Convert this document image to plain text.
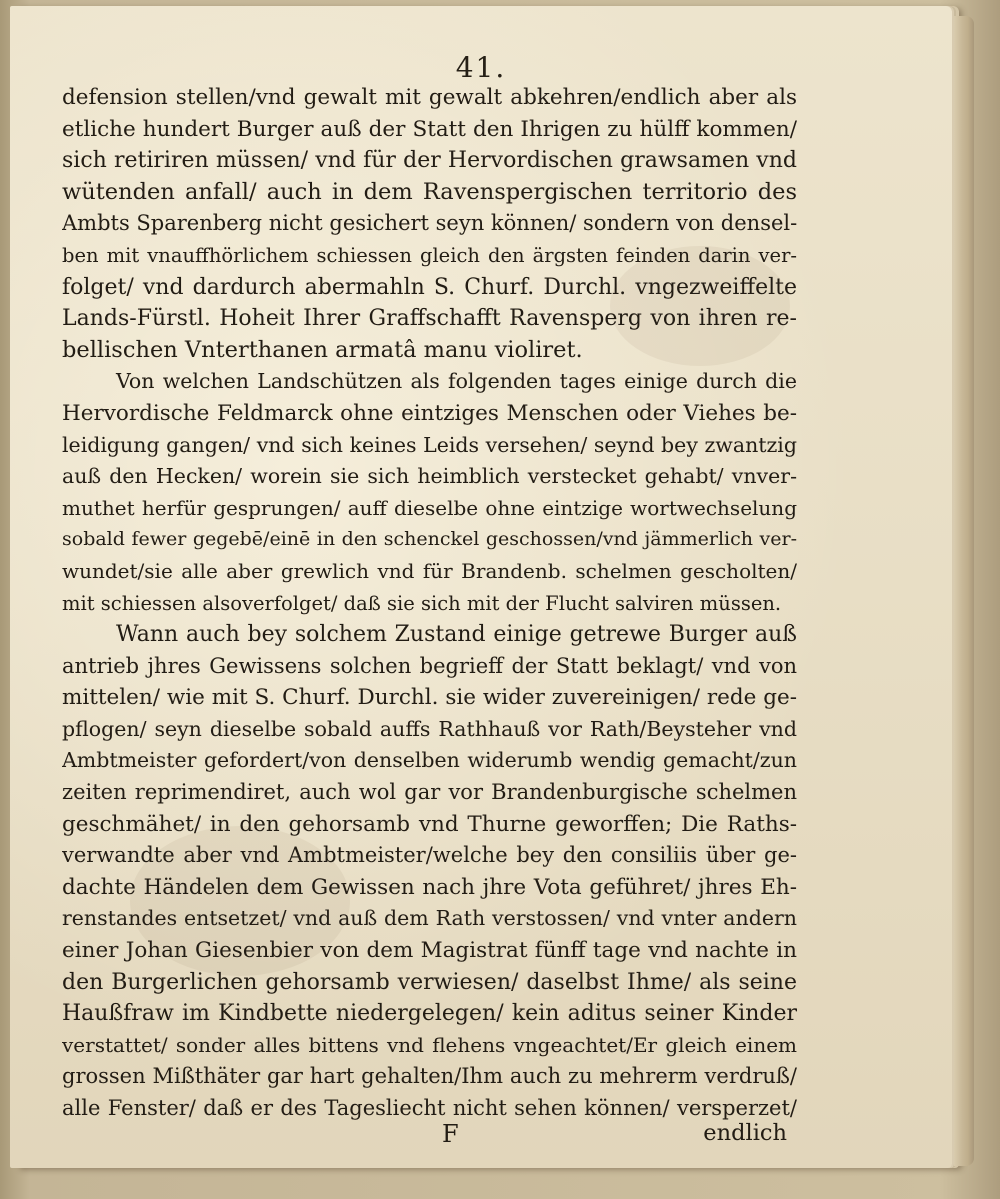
41.
defension stellen/vnd gewalt mit gewalt abkehren/endlich aber als
etliche hundert Burger auß der Statt den Ihrigen zu hülff kommen/
sich retiriren müssen/ vnd für der Hervordischen grawsamen vnd
wütenden anfall/ auch in dem Ravenspergischen territorio des
Ambts Sparenberg nicht gesichert seyn können/ sondern von densel-
ben mit vnauffhörlichem schiessen gleich den ärgsten feinden darin ver-
folget/ vnd dardurch abermahln S. Churf. Durchl. vngezweiffelte
Lands-Fürstl. Hoheit Ihrer Graffschafft Ravensperg von ihren re-
bellischen Vnterthanen armatâ manu violiret.
Von welchen Landschützen als folgenden tages einige durch die
Hervordische Feldmarck ohne eintziges Menschen oder Viehes be-
leidigung gangen/ vnd sich keines Leids versehen/ seynd bey zwantzig
auß den Hecken/ worein sie sich heimblich verstecket gehabt/ vnver-
muthet herfür gesprungen/ auff dieselbe ohne eintzige wortwechselung
sobald fewer gegebē/einē in den schenckel geschossen/vnd jämmerlich ver-
wundet/sie alle aber grewlich vnd für Brandenb. schelmen gescholten/
mit schiessen alsoverfolget/ daß sie sich mit der Flucht salviren müssen.
Wann auch bey solchem Zustand einige getrewe Burger auß
antrieb jhres Gewissens solchen begrieff der Statt beklagt/ vnd von
mittelen/ wie mit S. Churf. Durchl. sie wider zuvereinigen/ rede ge-
pflogen/ seyn dieselbe sobald auffs Rathhauß vor Rath/Beysteher vnd
Ambtmeister gefordert/von denselben widerumb wendig gemacht/zun
zeiten reprimendiret, auch wol gar vor Brandenburgische schelmen
geschmähet/ in den gehorsamb vnd Thurne geworffen; Die Raths-
verwandte aber vnd Ambtmeister/welche bey den consiliis über ge-
dachte Händelen dem Gewissen nach jhre Vota geführet/ jhres Eh-
renstandes entsetzet/ vnd auß dem Rath verstossen/ vnd vnter andern
einer Johan Giesenbier von dem Magistrat fünff tage vnd nachte in
den Burgerlichen gehorsamb verwiesen/ daselbst Ihme/ als seine
Haußfraw im Kindbette niedergelegen/ kein aditus seiner Kinder
verstattet/ sonder alles bittens vnd flehens vngeachtet/Er gleich einem
grossen Mißthäter gar hart gehalten/Ihm auch zu mehrerm verdruß/
alle Fenster/ daß er des Tagesliecht nicht sehen können/ versperzet/
F	endlich
